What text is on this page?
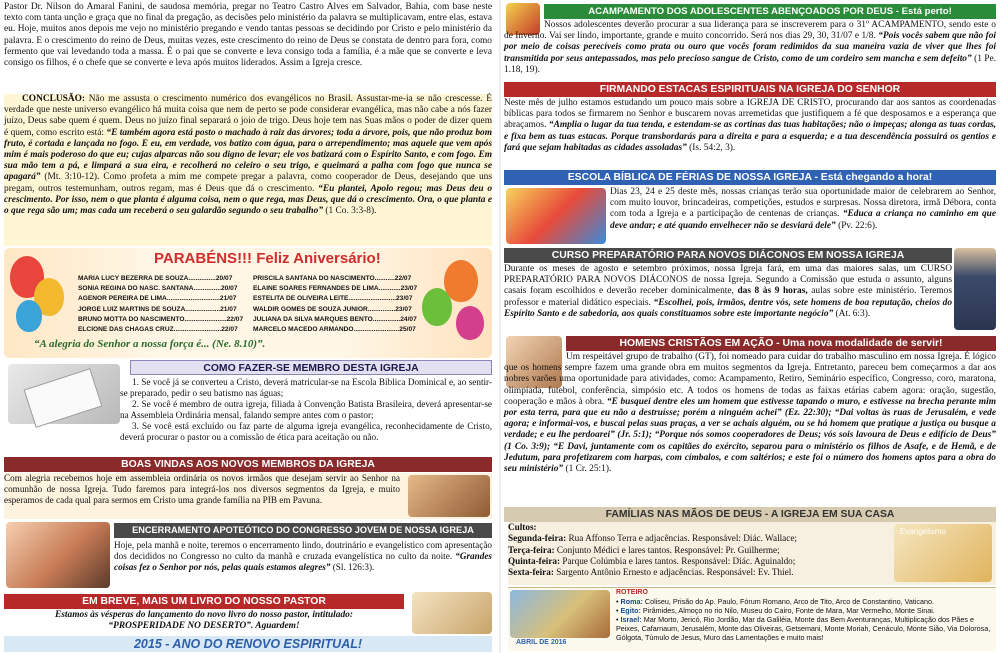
Pastor Dr. Nilson do Amaral Fanini, de saudosa memória, pregar no Teatro Castro Alves em Salvador, Bahia, com base neste texto com tanta unção e graça que no final da pregação, as decisões pelo ministério da palavra se multiplicavam, entre elas, estava eu. Hoje, muitos anos depois me vejo no ministério pregando e vendo tantas pessoas se decidindo por Cristo e pelo ministério da palavra. E o crescimento do reino de Deus, muitas vezes, este crescimento do reino de Deus se constata de dentro para fora, como fermento que vai levedando toda a massa. É o pai que se converte e leva consigo toda a família, é a mãe que se converte e leva consigo os filhos, é o chefe que se converte e leva após muitos liderados. Assim a Igreja cresce.

CONCLUSÃO: Não me assusta o crescimento numérico dos evangélicos no Brasil. Assustar-me-ia se não crescesse. É verdade que neste universo evangélico há muita coisa que nem de perto se pode considerar evangélica, mas não cabe a nós fazer juízo, Deus sabe quem é quem. Deus no juízo final separará o joio de trigo. Deus hoje tem nas Suas mãos o poder de dizer quem é quem, como escrito está: “E também agora está posto o machado à raiz das árvores; toda a árvore, pois, que não produz bom fruto, é cortada e lançada no fogo. E eu, em verdade, vos batizo com água, para o arrependimento; mas aquele que vem após mim é mais poderoso do que eu; cujas alparcas não sou digno de levar; ele vos batizará com o Espírito Santo, e com fogo. Em sua mão tem a pá, e limpará a sua eira, e recolherá no celeiro o seu trigo, e queimará a palha com fogo que nunca se apagará” (Mt. 3:10-12). Como profeta a mim me compete pregar a palavra, como cooperador de Deus, desejando que uns pregam, outros testemunham, outros regam, mas é Deus que dá o crescimento. “Eu plantei, Apolo regou; mas Deus deu o crescimento. Por isso, nem o que planta é alguma coisa, nem o que rega, mas Deus, que dá o crescimento. Ora, o que planta e o que rega são um; mas cada um receberá o seu galardão segundo o seu trabalho” (1 Co. 3:3-8).

PARABÉNS!!! Feliz Aniversário!
MARIA LUCY BEZERRA DE SOUZA...............20/07	PRISCILA SANTANA DO NASCIMENTO...........22/07
SONIA REGINA DO NASC. SANTANA...............20/07	ELAINE SOARES FERNANDES DE LIMA............23/07
AGENOR PEREIRA DE LIMA.............................21/07	ESTELITA DE OLIVEIRA LEITE..........................23/07
JORGE LUIZ MARTINS DE SOUZA...................21/07	WALDIR GOMES DE SOUZA JUNIOR...............23/07
BRUNO MOTTA DO NASCIMENTO.......................22/07	JULIANA DA SILVA MARQUES BENTO...............24/07
ELCIONE DAS CHAGAS CRUZ..........................22/07	MARCELO MACEDO ARMANDO.........................25/07
“A alegria do Senhor a nossa força é... (Ne. 8.10)”.
COMO FAZER-SE MEMBRO DESTA IGREJA

1. Se você já se converteu a Cristo, deverá matricular-se na Escola Bíblica Dominical e, ao sentir-se preparado, pedir o seu batismo nas águas;

2. Se você é membro de outra igreja, filiada à Convenção Batista Brasileira, deverá apresentar-se na Assembleia Ordinária mensal, falando sempre antes com o pastor;

3. Se você está excluído ou faz parte de alguma igreja evangélica, reconhecidamente de Cristo, deverá procurar o pastor ou a comissão de ética para aceitação ou não.

BOAS VINDAS AOS NOVOS MEMBROS DA IGREJA

Com alegria recebemos hoje em assembleia ordinária os novos irmãos que desejam servir ao Senhor na comunhão de nossa Igreja. Tudo faremos para integrá-los nos diversos segmentos da Igreja, e muito esperamos de cada qual para sermos em Cristo uma grande família na PIB em Pavuna.

ENCERRAMENTO APOTEÓTICO DO CONGRESSO JOVEM DE NOSSA IGREJA

Hoje, pela manhã e noite, teremos o encerramento lindo, doutrinário e evangelístico com apresentação dos decididos no Congresso no culto da manhã e cruzada evangelística no culto da noite. “Grandes coisas fez o Senhor por nós, pelas quais estamos alegres” (Sl. 126:3).

EM BREVE, MAIS UM LIVRO DO NOSSO PASTOR
Estamos às vésperas do lançamento do novo livro do nosso pastor, intitulado:
“PROSPERIDADE NO DESERTO”. Aguardem!
2015 - ANO DO RENOVO ESPIRITUAL!
ACAMPAMENTO DOS ADOLESCENTES ABENÇOADOS POR DEUS - Está perto!

Nossos adolescentes deverão procurar a sua liderança para se inscreverem para o 31º ACAMPAMENTO, sendo este o de Inverno. Vai ser lindo, importante, grande e muito concorrido. Será nos dias 29, 30, 31/07 e 1/8. “Pois vocês sabem que não foi por meio de coisas perecíveis como prata ou ouro que vocês foram redimidos da sua maneira vazia de viver que lhes foi transmitida por seus antepassados, mas pelo precioso sangue de Cristo, como de um cordeiro sem mancha e sem defeito” (1 Pe. 1.18, 19).

FIRMANDO ESTACAS ESPIRITUAIS NA IGREJA DO SENHOR

Neste mês de julho estamos estudando um pouco mais sobre a IGREJA DE CRISTO, procurando dar aos santos as coordenadas bíblicas para todos se firmarem no Senhor e buscarem novas arremetidas que justifiquem a fé que desposamos e a esperança que abraçamos. “Amplia o lugar da tua tenda, e estendam-se as cortinas das tuas habitações; não o impeças; alonga as tuas cordas, e fixa bem as tuas estacas. Porque transbordarás para a direita e para a esquerda; e a tua descendência possuirá os gentios e fará que sejam habitadas as cidades assoladas” (Is. 54:2, 3).

ESCOLA BÍBLICA DE FÉRIAS DE NOSSA IGREJA - Está chegando a hora!

Dias 23, 24 e 25 deste mês, nossas crianças terão sua oportunidade maior de celebrarem ao Senhor, com muito louvor, brincadeiras, competições, estudos e surpresas. Nossa diretora, irmã Débora, conta com toda a Igreja e a participação de centenas de crianças. “Educa a criança no caminho em que deve andar; e até quando envelhecer não se desviará dele” (Pv. 22:6).

CURSO PREPARATÓRIO PARA NOVOS DIÁCONOS EM NOSSA IGREJA

Durante os meses de agosto e setembro próximos, nossa Igreja fará, em uma das maiores salas, um CURSO PREPARATÓRIO PARA NOVOS DIÁCONOS de nossa Igreja. Segundo a Comissão que estuda o assunto, alguns casais foram escolhidos e deverão receber dominicalmente, das 8 às 9 horas, aulas sobre este ministério. Teremos professor e material didático especiais. “Escolhei, pois, irmãos, dentre vós, sete homens de boa reputação, cheios do Espírito Santo e de sabedoria, aos quais constituamos sobre este importante negócio” (At. 6:3).

HOMENS CRISTÃOS EM AÇÃO - Uma nova modalidade de servir!

Um respeitável grupo de trabalho (GT), foi nomeado para cuidar do trabalho masculino em nossa Igreja. É lógico que os homens sempre fazem uma grande obra em muitos segmentos da Igreja. Entretanto, pareceu bem começarmos a dar aos nobres varões uma oportunidade para atividades, como: Acampamento, Retiro, Seminário específico, Congresso, coro, maratona, olimpíada, futebol, conferência, simpósio etc. A todos os homens de todas as faixas etárias cabem agora: oração, sugestão, cooperação e mãos à obra. “E busquei dentre eles um homem que estivesse tapando o muro, e estivesse na brecha perante mim por esta terra, para que eu não a destruísse; porém a ninguém achei” (Ez. 22:30); “Dai voltas às ruas de Jerusalém, e vede agora; e informai-vos, e buscai pelas suas praças, a ver se achais alguém, ou se há homem que pratique a justiça ou busque a verdade; e eu lhe perdoarei” (Jr. 5:1); “Porque nós somos cooperadores de Deus; vós sois lavoura de Deus e edifício de Deus” (1 Co. 3:9); “E Davi, juntamente com os capitães do exército, separou para o ministério os filhos de Asafe, e de Hemã, e de Jedutum, para profetizarem com harpas, com címbalos, e com saltérios; e este foi o número dos homens aptos para a obra do seu ministério” (1 Cr. 25:1).

FAMÍLIAS NAS MÃOS DE DEUS - A IGREJA EM SUA CASA

Cultos:

Segunda-feira: Rua Affonso Terra e adjacências. Responsável: Diác. Wallace;

Terça-feira: Conjunto Médici e lares tantos. Responsável: Pr. Guilherme;

Quinta-feira: Parque Colúmbia e lares tantos. Responsável: Diác. Aguinaldo;

Sexta-feira: Sargento Antônio Ernesto e adjacências. Responsável: Ev. Thiel.

Evangelismo
ABRIL DE 2016
ROTEIRO
• Roma: Coliseu, Prisão do Ap. Paulo, Fórum Romano, Arco de Tito, Arco de Constantino, Vaticano.
• Egito: Pirâmides, Almoço no rio Nilo, Museu do Cairo, Fonte de Mara, Mar Vermelho, Monte Sinai.
• Israel: Mar Morto, Jericó, Rio Jordão, Mar da Galiléia, Monte das Bem Aventuranças, Multiplicação dos Pães e Peixes, Cafarnaum, Jerusalém, Monte das Oliveiras, Getsemani, Monte Moriah, Cenáculo, Monte Sião, Via Dolorosa, Gólgota, Túmulo de Jesus, Muro das Lamentações e muito mais!
